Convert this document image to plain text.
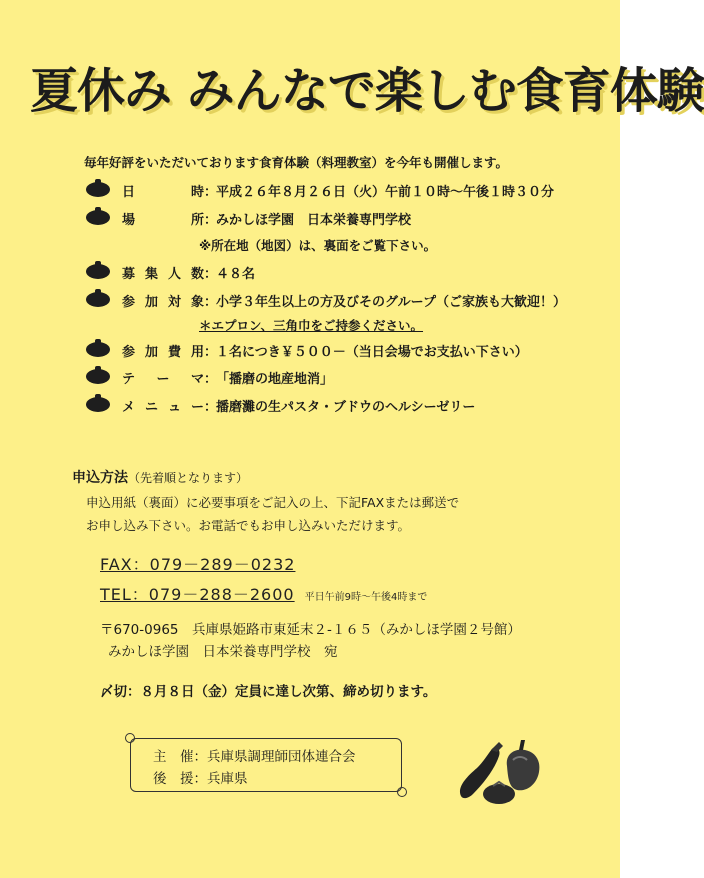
夏休み みんなで楽しむ食育体験
毎年好評をいただいております食育体験（料理教室）を今年も開催します。
日時：平成２６年８月２６日（火）午前１０時～午後１時３０分
場所：みかしほ学園　日本栄養専門学校
※所在地（地図）は、裏面をご覧下さい。
募集人数：４８名
参加対象：小学３年生以上の方及びそのグループ（ご家族も大歓迎！）
＊エプロン、三角巾をご持参ください。
参加費用：１名につき￥５００－（当日会場でお支払い下さい）
テーマ：「播磨の地産地消」
メニュー：播磨灘の生パスタ・ブドウのヘルシーゼリー
申込方法（先着順となります）
申込用紙（裏面）に必要事項をご記入の上、下記FAXまたは郵送で
お申し込み下さい。お電話でもお申し込みいただけます。
FAX：079－289－0232
TEL：079－288－2600 平日午前9時～午後4時まで
〒670-0965　兵庫県姫路市東延末２-１６５（みかしほ学園２号館）
みかしほ学園　日本栄養専門学校　宛
〆切：８月８日（金）定員に達し次第、締め切ります。
主　催：兵庫県調理師団体連合会
後　援：兵庫県
